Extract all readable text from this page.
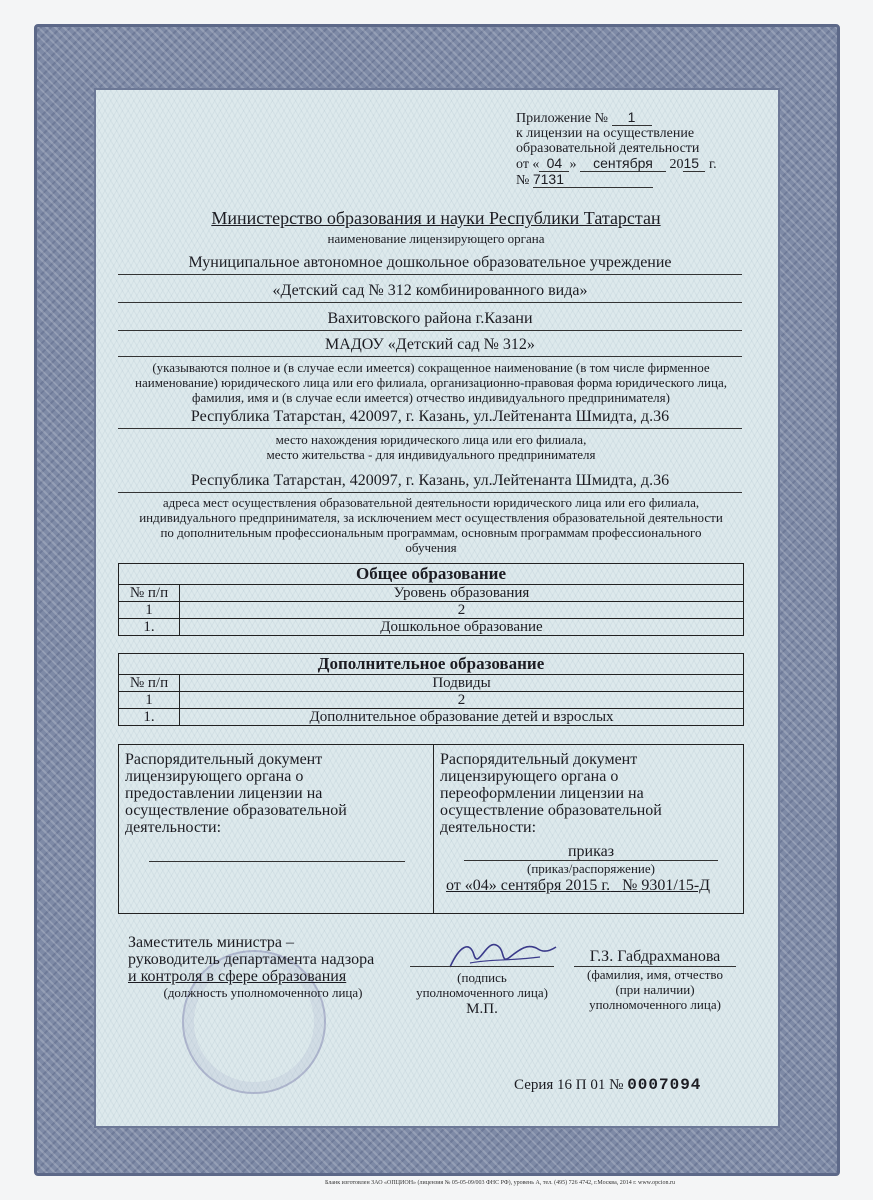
Приложение № 1
к лицензии на осуществление
образовательной деятельности
от « 04 » сентября 2015 г.
№ 7131
Министерство образования и науки Республики Татарстан
наименование лицензирующего органа
Муниципальное автономное дошкольное образовательное учреждение
«Детский сад № 312 комбинированного вида»
Вахитовского района г.Казани
МАДОУ «Детский сад № 312»
(указываются полное и (в случае если имеется) сокращенное наименование (в том числе фирменное наименование) юридического лица или его филиала, организационно-правовая форма юридического лица, фамилия, имя и (в случае если имеется) отчество индивидуального предпринимателя)
Республика Татарстан, 420097, г. Казань, ул.Лейтенанта Шмидта, д.36
место нахождения юридического лица или его филиала,
место жительства - для индивидуального предпринимателя
Республика Татарстан, 420097, г. Казань, ул.Лейтенанта Шмидта, д.36
адреса мест осуществления образовательной деятельности юридического лица или его филиала, индивидуального предпринимателя, за исключением мест осуществления образовательной деятельности по дополнительным профессиональным программам, основным программам профессионального обучения
Общее образование	
№ п/п	Уровень образования
1	2
1.	Дошкольное образование
Дополнительное образование	
№ п/п	Подвиды
1	2
1.	Дополнительное образование детей и взрослых
Распорядительный документ лицензирующего органа о предоставлении лицензии на осуществление образовательной деятельности:
Распорядительный документ лицензирующего органа о переоформлении лицензии на осуществление образовательной деятельности:
приказ
(приказ/распоряжение)
от «04» сентября 2015 г. № 9301/15-Д
Заместитель министра –
руководитель департамента надзора
и контроля в сфере образования
(должность уполномоченного лица)
(подпись
уполномоченного лица)
М.П.
Г.З. Габдрахманова
(фамилия, имя, отчество
(при наличии)
уполномоченного лица)
Серия 16 П 01 № 0007094
Бланк изготовлен ЗАО «ОПЦИОН» (лицензия № 05-05-09/003 ФНС РФ), уровень А, тел. (495) 726 4742, г.Москва, 2014 г. www.opcion.ru
